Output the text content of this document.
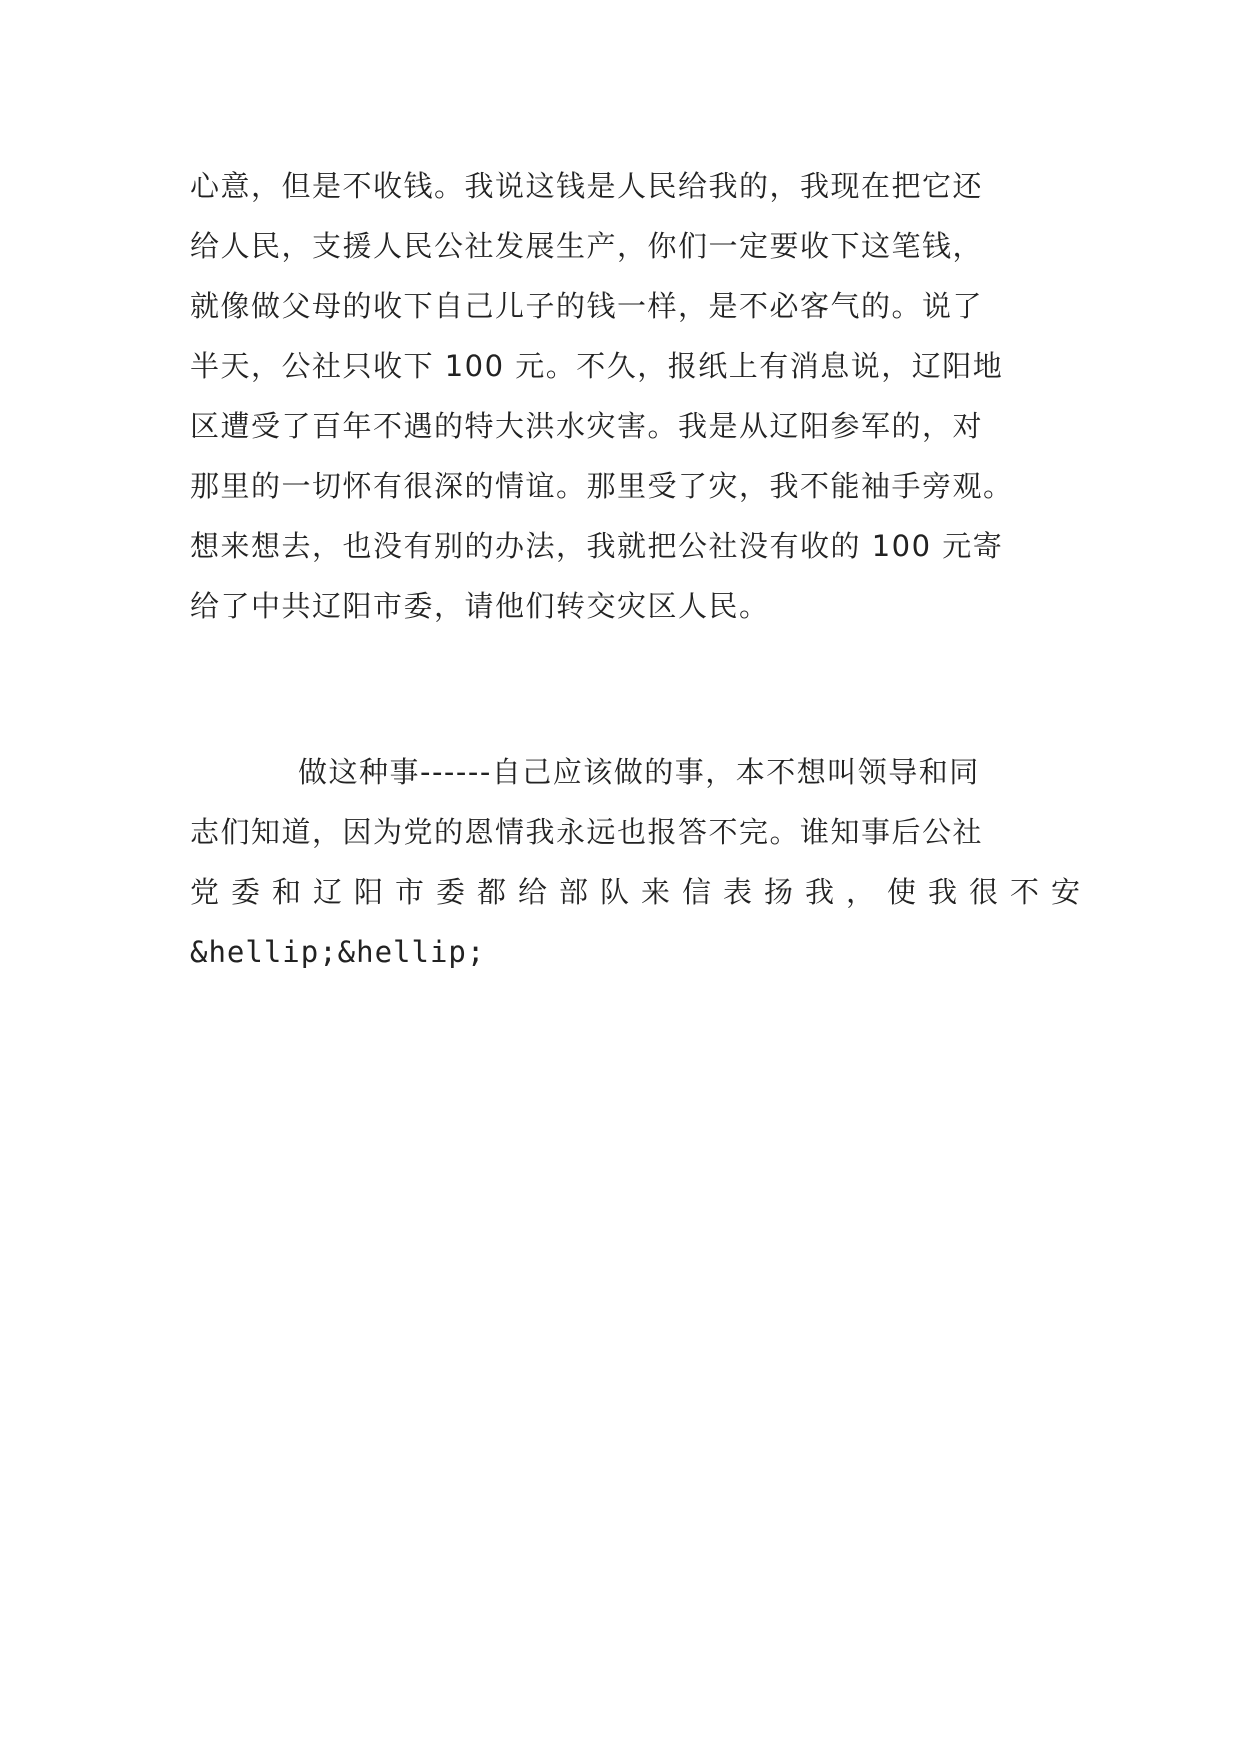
心意，但是不收钱。我说这钱是人民给我的，我现在把它还
给人民，支援人民公社发展生产，你们一定要收下这笔钱，
就像做父母的收下自己儿子的钱一样，是不必客气的。说了
半天，公社只收下 100 元。不久，报纸上有消息说，辽阳地
区遭受了百年不遇的特大洪水灾害。我是从辽阳参军的，对
那里的一切怀有很深的情谊。那里受了灾，我不能袖手旁观。
想来想去，也没有别的办法，我就把公社没有收的 100 元寄
给了中共辽阳市委，请他们转交灾区人民。
做这种事------自己应该做的事，本不想叫领导和同
志们知道，因为党的恩情我永远也报答不完。谁知事后公社
党委和辽阳市委都给部队来信表扬我，使我很不安
&hellip;&hellip;
